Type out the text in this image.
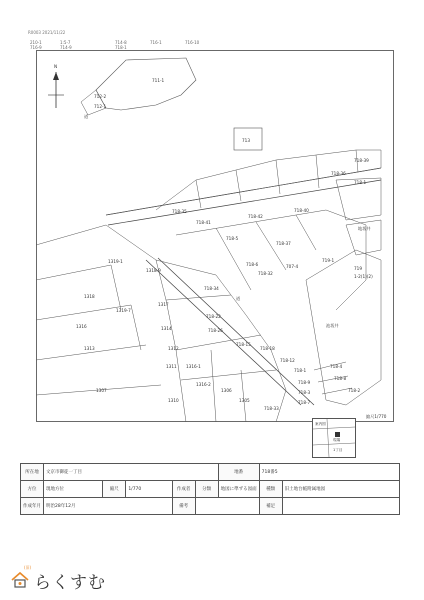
R0003 2021/11/22
210-1	1:5-7	714-8	716-1
716-9	714-9	718-1
716-10
N
711-1
712-2
712-1
道
713
718-36
718-1
718-39
718-42
718-40
718-35
718-41
718-5
718-37
718-6
718-32
707-4
719-1
1319-1
1318-9
1318
1319-7
1317
1316	1314
1313	1312
1316-1
1311
1316-2
1310
1307	1306
1305
718-33
718-34
718-22
718-26
718-15
718-18
718-12
719
1-2(1)(2)
池坂井
地坂井
道
718-1
718-9
718-3
718-7
718-4
718-8
718-2
縮尺1/770
案内図
現場
1丁目
所在地	文京市御徒一丁目					地番	718番5	
方位	現地方位	縮尺	1/770	作成者	分類	地図に準ずる図面	種類	旧土地台帳附属地図
作成年月	明治28年12月			備考			補足	
(旧)
らくすむ
